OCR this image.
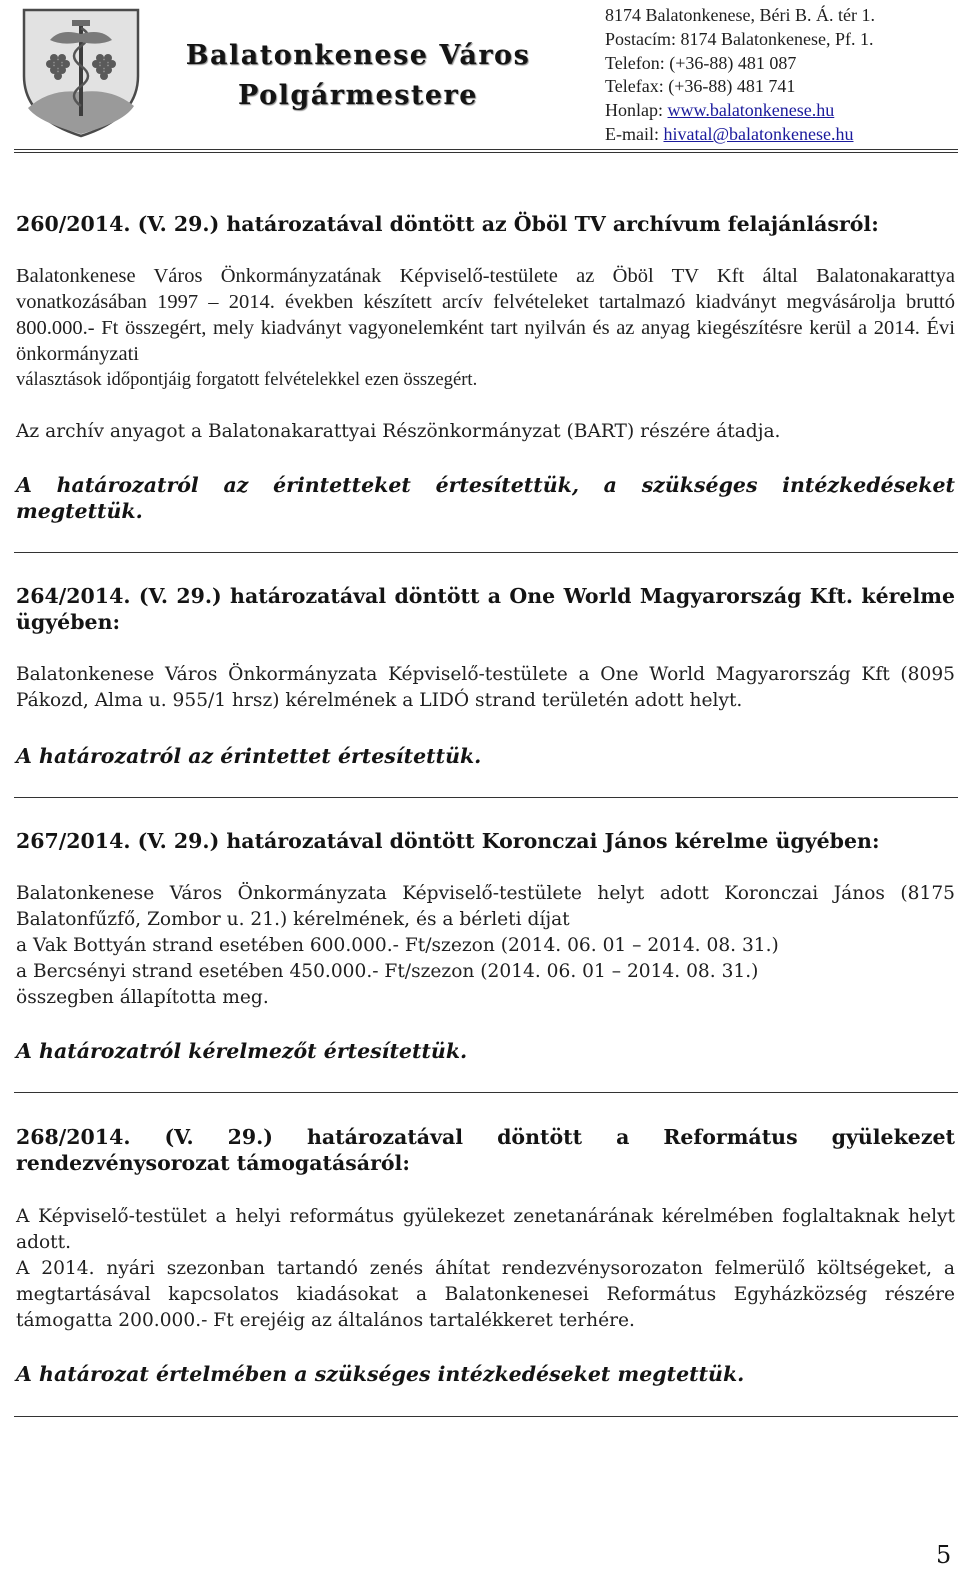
Balatonkenese Város
Polgármestere
8174 Balatonkenese, Béri B. Á. tér 1.
Postacím: 8174 Balatonkenese, Pf. 1.
Telefon: (+36-88) 481 087
Telefax: (+36-88) 481 741
Honlap: www.balatonkenese.hu
E-mail: hivatal@balatonkenese.hu

260/2014. (V. 29.) határozatával döntött az Öböl TV archívum felajánlásról:

Balatonkenese Város Önkormányzatának Képviselő-testülete az Öböl TV Kft által Balatonakarattya vonatkozásában 1997 – 2014. években készített arcív felvételeket tartalmazó kiadványt megvásárolja bruttó 800.000.- Ft összegért, mely kiadványt vagyonelemként tart nyilván és az anyag kiegészítésre kerül a 2014. Évi önkormányzati

választások időpontjáig forgatott felvételekkel ezen összegért.

Az archív anyagot a Balatonakarattyai Részönkormányzat (BART) részére átadja.

A határozatról az érintetteket értesítettük, a szükséges intézkedéseket megtettük.

264/2014. (V. 29.) határozatával döntött a One World Magyarország Kft. kérelme ügyében:

Balatonkenese Város Önkormányzata Képviselő-testülete a One World Magyarország Kft (8095 Pákozd, Alma u. 955/1 hrsz) kérelmének a LIDÓ strand területén adott helyt.

A határozatról az érintettet értesítettük.

267/2014. (V. 29.) határozatával döntött Koronczai János kérelme ügyében:

Balatonkenese Város Önkormányzata Képviselő-testülete helyt adott Koronczai János (8175

Balatonfűzfő, Zombor u. 21.) kérelmének, és a bérleti díjat

a Vak Bottyán strand esetében 600.000.- Ft/szezon (2014. 06. 01 – 2014. 08. 31.)

a Bercsényi strand esetében 450.000.- Ft/szezon (2014. 06. 01 – 2014. 08. 31.)

összegben állapította meg.

A határozatról kérelmezőt értesítettük.

268/2014. (V. 29.) határozatával döntött a Református gyülekezet rendezvénysorozat támogatásáról:

A Képviselő-testület a helyi református gyülekezet zenetanárának kérelmében foglaltaknak helyt adott.

A 2014. nyári szezonban tartandó zenés áhítat rendezvénysorozaton felmerülő költségeket, a megtartásával kapcsolatos kiadásokat a Balatonkenesei Református Egyházközség részére támogatta 200.000.- Ft erejéig az általános tartalékkeret terhére.

A határozat értelmében a szükséges intézkedéseket megtettük.

5
